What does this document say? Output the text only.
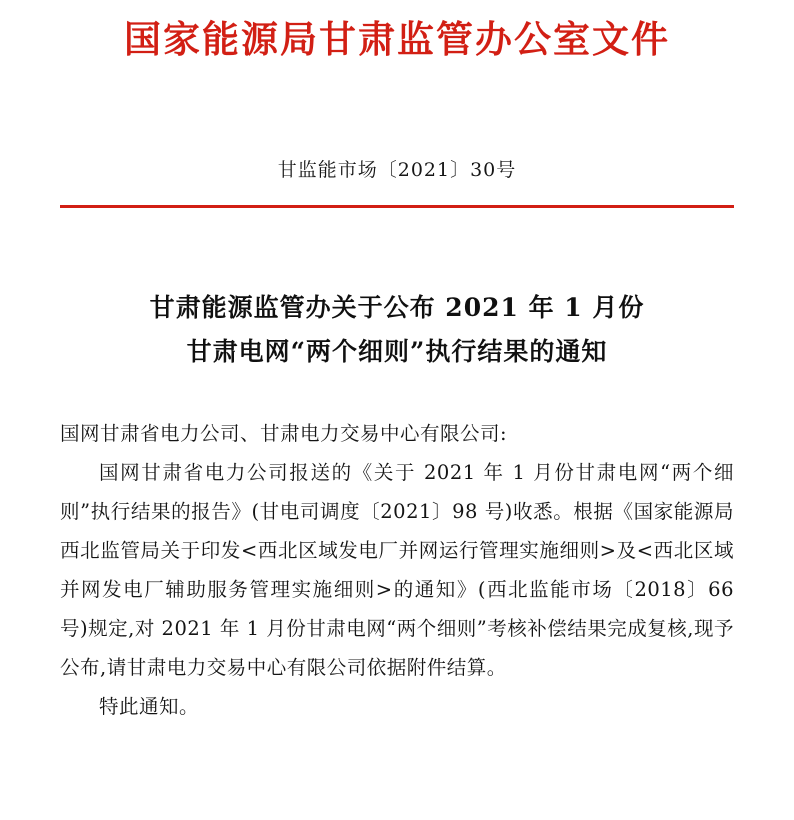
国家能源局甘肃监管办公室文件
甘监能市场〔2021〕30号
甘肃能源监管办关于公布 2021 年 1 月份
甘肃电网“两个细则”执行结果的通知

国网甘肃省电力公司、甘肃电力交易中心有限公司:

国网甘肃省电力公司报送的《关于 2021 年 1 月份甘肃电网“两个细则”执行结果的报告》(甘电司调度〔2021〕98 号)收悉。根据《国家能源局西北监管局关于印发<西北区域发电厂并网运行管理实施细则>及<西北区域并网发电厂辅助服务管理实施细则>的通知》(西北监能市场〔2018〕66 号)规定,对 2021 年 1 月份甘肃电网“两个细则”考核补偿结果完成复核,现予公布,请甘肃电力交易中心有限公司依据附件结算。

特此通知。
